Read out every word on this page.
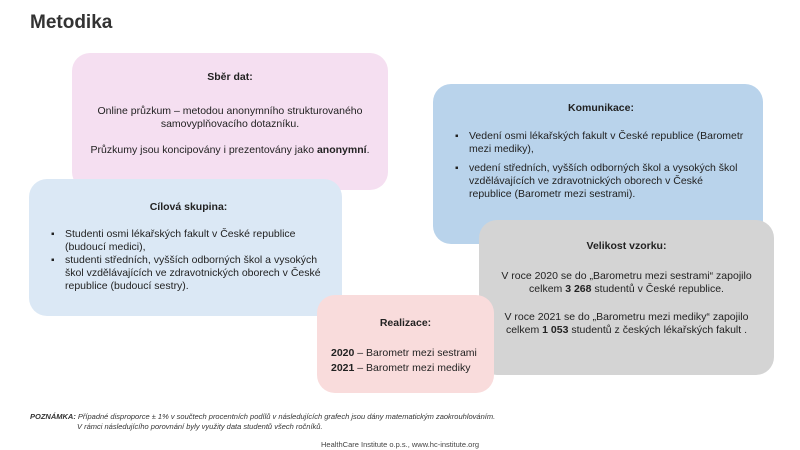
Metodika
Sběr dat:

Online průzkum – metodou anonymního strukturovaného samovyplňovacího dotazníku.

Průzkumy jsou koncipovány i prezentovány jako anonymní.

Komunikace:
▪ Vedení osmi lékařských fakult v České republice (Barometr mezi mediky),
▪ vedení středních, vyšších odborných škol a vysokých škol vzdělávajících ve zdravotnických oborech v České republice (Barometr mezi sestrami).
Cílová skupina:
▪ Studenti osmi lékařských fakult v České republice (budoucí medici),
▪ studenti středních, vyšších odborných škol a vysokých škol vzdělávajících ve zdravotnických oborech v České republice (budoucí sestry).
Velikost vzorku:

V roce 2020 se do „Barometru mezi sestrami“ zapojilo celkem 3 268 studentů v České republice.

V roce 2021 se do „Barometru mezi mediky“ zapojilo celkem 1 053 studentů z českých lékařských fakult .

Realizace:
2020 – Barometr mezi sestrami
2021 – Barometr mezi mediky
POZNÁMKA: Případné disproporce ± 1% v součtech procentních podílů v následujících grafech jsou dány matematickým zaokrouhlováním.
V rámci následujícího porovnání byly využity data studentů všech ročníků.
HealthCare Institute o.p.s., www.hc-institute.org
